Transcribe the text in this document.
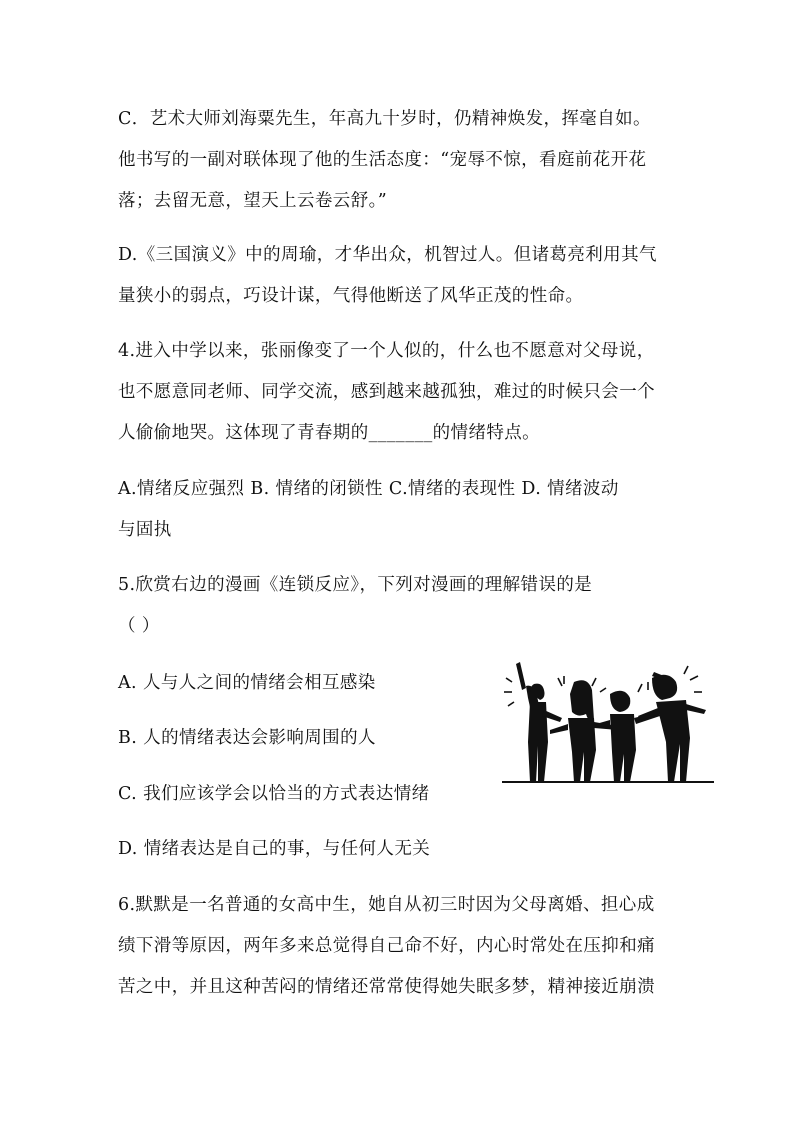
C．艺术大师刘海粟先生，年高九十岁时，仍精神焕发，挥毫自如。
他书写的一副对联体现了他的生活态度：“宠辱不惊，看庭前花开花
落；去留无意，望天上云卷云舒。”
D.《三国演义》中的周瑜，才华出众，机智过人。但诸葛亮利用其气
量狭小的弱点，巧设计谋，气得他断送了风华正茂的性命。
4.进入中学以来，张丽像变了一个人似的，什么也不愿意对父母说，
也不愿意同老师、同学交流，感到越来越孤独，难过的时候只会一个
人偷偷地哭。这体现了青春期的_______的情绪特点。
A.情绪反应强烈 B. 情绪的闭锁性 C.情绪的表现性 D. 情绪波动
与固执
5.欣赏右边的漫画《连锁反应》，下列对漫画的理解错误的是
（ ）
A. 人与人之间的情绪会相互感染
B. 人的情绪表达会影响周围的人
C. 我们应该学会以恰当的方式表达情绪
D. 情绪表达是自己的事，与任何人无关
6.默默是一名普通的女高中生，她自从初三时因为父母离婚、担心成
绩下滑等原因，两年多来总觉得自己命不好，内心时常处在压抑和痛
苦之中，并且这种苦闷的情绪还常常使得她失眠多梦，精神接近崩溃
